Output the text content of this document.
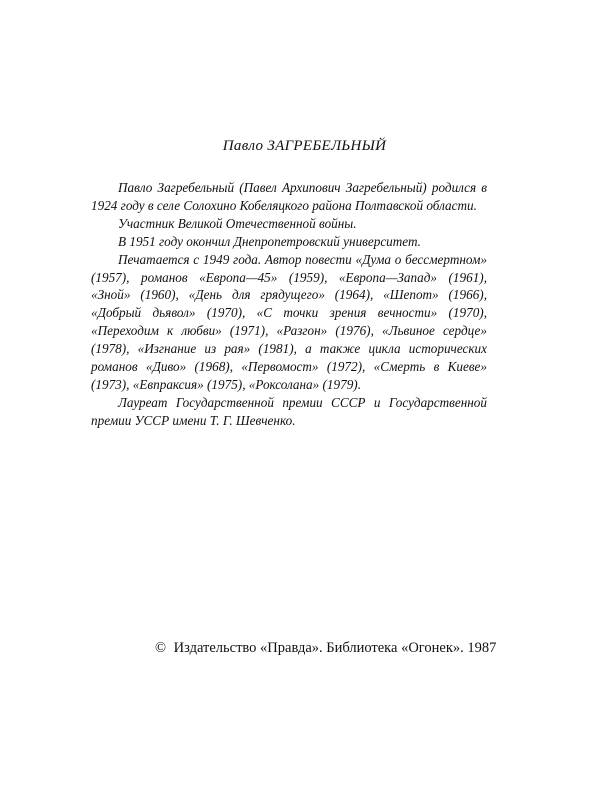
Павло ЗАГРЕБЕЛЬНЫЙ

Павло Загребельный (Павел Архипович Загребельный) родился в 1924 году в селе Солохино Кобеляцкого района Полтавской области.

Участник Великой Отечественной войны.

В 1951 году окончил Днепропетровский университет.

Печатается с 1949 года. Автор повести «Дума о бессмертном» (1957), романов «Европа—45» (1959), «Европа—Запад» (1961), «Зной» (1960), «День для грядущего» (1964), «Шепот» (1966), «Добрый дьявол» (1970), «С точки зрения вечности» (1970), «Переходим к любви» (1971), «Разгон» (1976), «Львиное сердце» (1978), «Изгнание из рая» (1981), а также цикла исторических романов «Диво» (1968), «Первомост» (1972), «Смерть в Киеве» (1973), «Евпраксия» (1975), «Роксолана» (1979).

Лауреат Государственной премии СССР и Государственной премии УССР имени Т. Г. Шевченко.

© Издательство «Правда». Библиотека «Огонек». 1987
